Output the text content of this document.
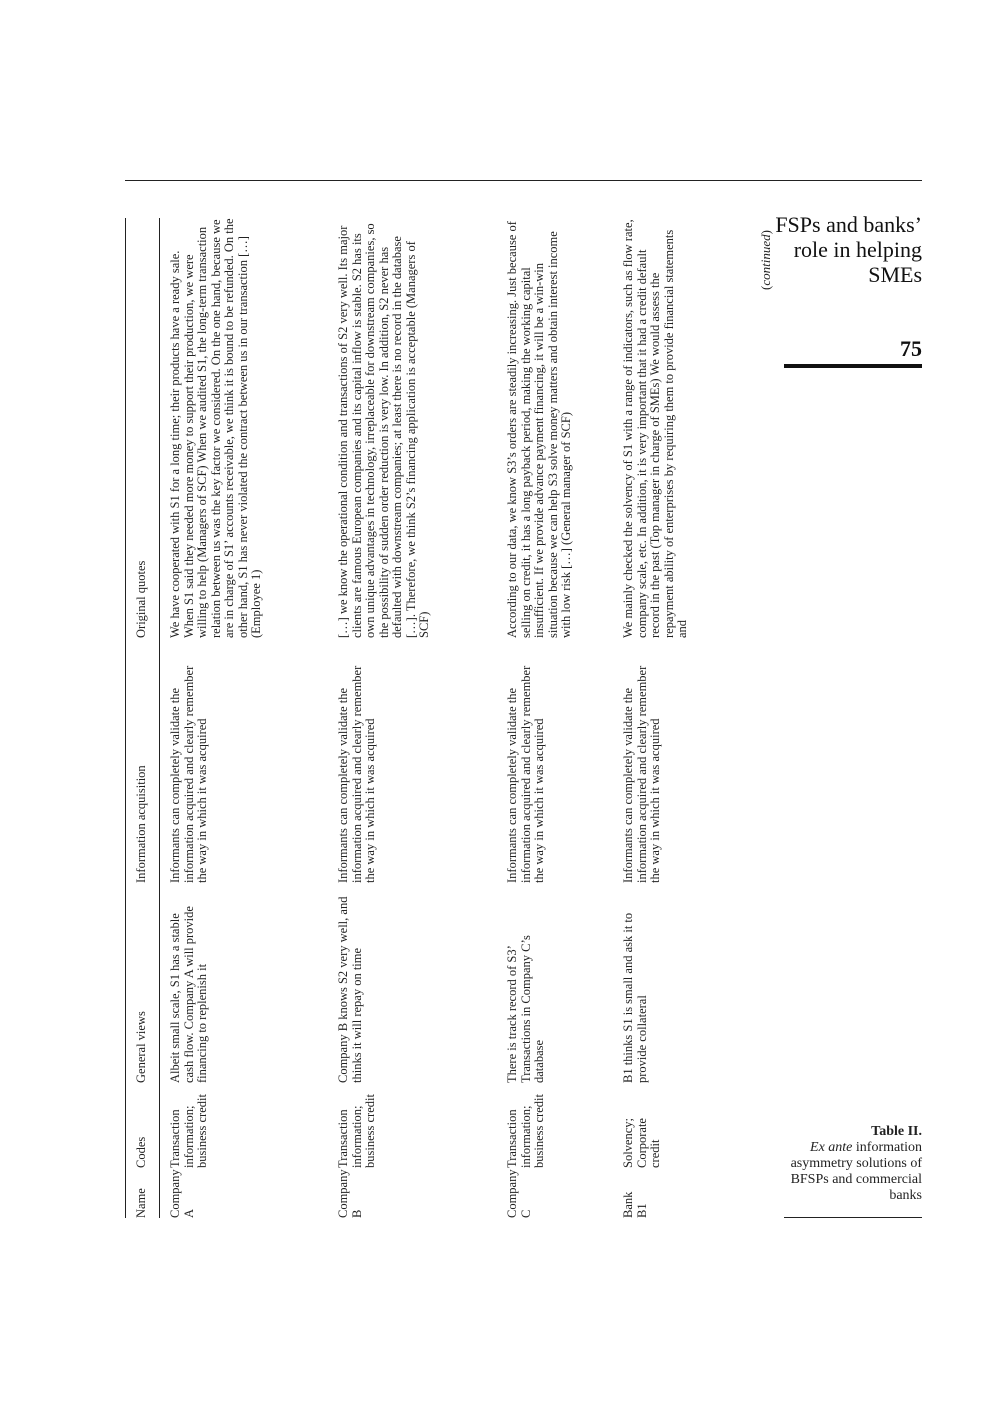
FSPs and banks’ role in helping SMEs
75
Table II.
Ex ante information asymmetry solutions of BFSPs and commercial banks
Name
Codes
General views
Information acquisition
Original quotes
Company A
Transaction information; business credit
Albeit small scale, S1 has a stable cash flow. Company A will provide financing to replenish it
Informants can completely validate the information acquired and clearly remember the way in which it was acquired
We have cooperated with S1 for a long time; their products have a ready sale. When S1 said they needed more money to support their production, we were willing to help (Managers of SCF) When we audited S1, the long-term transaction relation between us was the key factor we considered. On the one hand, because we are in charge of S1’ accounts receivable, we think it is bound to be refunded. On the other hand, S1 has never violated the contract between us in our transaction […] (Employee 1)
Company B
Transaction information; business credit
Company B knows S2 very well, and thinks it will repay on time
Informants can completely validate the information acquired and clearly remember the way in which it was acquired
[…] we know the operational condition and transactions of S2 very well. Its major clients are famous European companies and its capital inflow is stable. S2 has its own unique advantages in technology, irreplaceable for downstream companies, so the possibility of sudden order reduction is very low. In addition, S2 never has defaulted with downstream companies; at least there is no record in the database […]. Therefore, we think S2’s financing application is acceptable (Managers of SCF)
Company C
Transaction information; business credit
There is track record of S3’ Transactions in Company C’s database
Informants can completely validate the information acquired and clearly remember the way in which it was acquired
According to our data, we know S3’s orders are steadily increasing. Just because of selling on credit, it has a long payback period, making the working capital insufficient. If we provide advance payment financing, it will be a win-win situation because we can help S3 solve money matters and obtain interest income with low risk […] (General manager of SCF)
Bank B1
Solvency; Corporate credit
B1 thinks S1 is small and ask it to provide collateral
Informants can completely validate the information acquired and clearly remember the way in which it was acquired
We mainly checked the solvency of S1 with a range of indicators, such as flow rate, company scale, etc. In addition, it is very important that it had a credit default record in the past (Top manager in charge of SMEs) We would assess the repayment ability of enterprises by requiring them to provide financial statements and
( continued )
